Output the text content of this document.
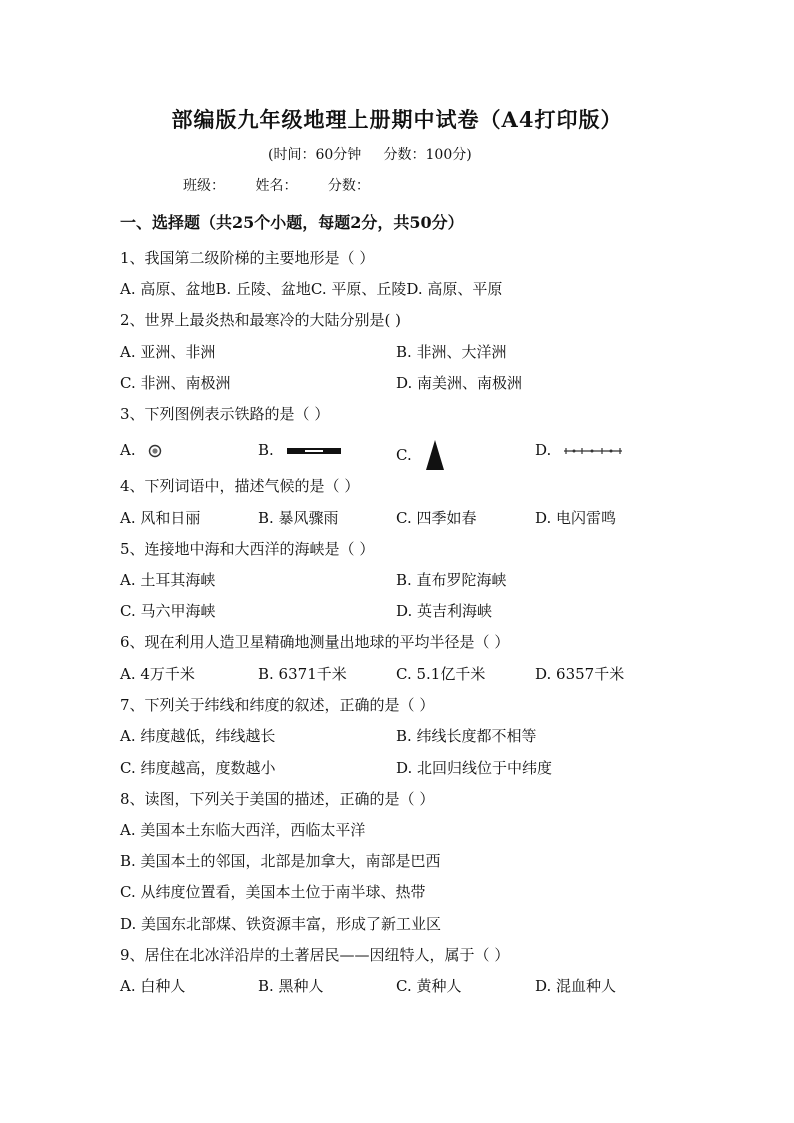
部编版九年级地理上册期中试卷（A4打印版）
(时间：60分钟     分数：100分)
班级： 姓名： 分数：
一、选择题（共25个小题，每题2分，共50分）
1、我国第二级阶梯的主要地形是（ ）
A. 高原、盆地B. 丘陵、盆地C. 平原、丘陵D. 高原、平原
2、世界上最炎热和最寒冷的大陆分别是( )
A. 亚洲、非洲	B. 非洲、大洋洲
C. 非洲、南极洲	D. 南美洲、南极洲
3、下列图例表示铁路的是（ ）
A.	B.	C.	D.
4、下列词语中，描述气候的是（ ）
A. 风和日丽	B. 暴风骤雨	C. 四季如春	D. 电闪雷鸣
5、连接地中海和大西洋的海峡是（ ）
A. 土耳其海峡	B. 直布罗陀海峡
C. 马六甲海峡	D. 英吉利海峡
6、现在利用人造卫星精确地测量出地球的平均半径是（ ）
A. 4万千米	B. 6371千米	C. 5.1亿千米	D. 6357千米
7、下列关于纬线和纬度的叙述，正确的是（ ）
A. 纬度越低，纬线越长	B. 纬线长度都不相等
C. 纬度越高，度数越小	D. 北回归线位于中纬度
8、读图，下列关于美国的描述，正确的是（ ）
A. 美国本土东临大西洋，西临太平洋
B. 美国本土的邻国，北部是加拿大，南部是巴西
C. 从纬度位置看，美国本土位于南半球、热带
D. 美国东北部煤、铁资源丰富，形成了新工业区
9、居住在北冰洋沿岸的土著居民——因纽特人，属于（ ）
A. 白种人	B. 黑种人	C. 黄种人	D. 混血种人
